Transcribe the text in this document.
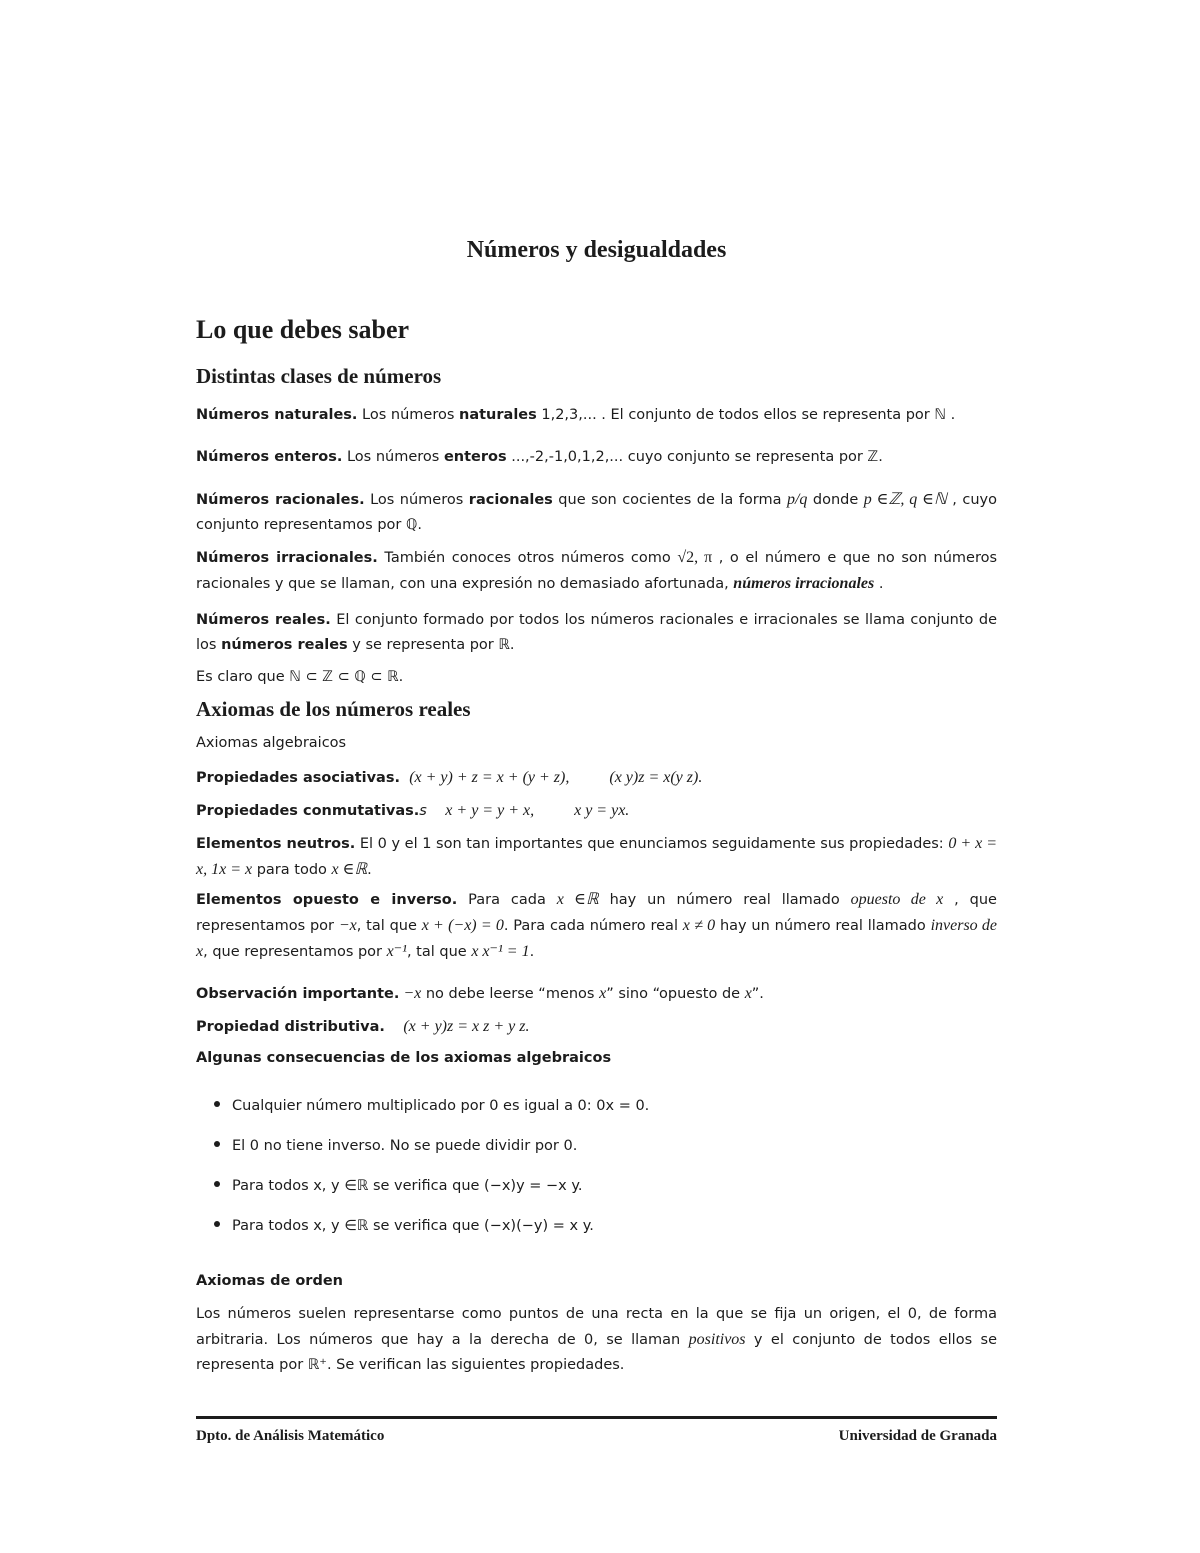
Números y desigualdades
Lo que debes saber
Distintas clases de números

Números naturales. Los números naturales 1,2,3,... . El conjunto de todos ellos se representa por ℕ .

Números enteros. Los números enteros ...,-2,-1,0,1,2,... cuyo conjunto se representa por ℤ.

Números racionales. Los números racionales que son cocientes de la forma p/q donde p ∈ℤ, q ∈ℕ , cuyo conjunto representamos por ℚ.

Números irracionales. También conoces otros números como √2, π , o el número e que no son números racionales y que se llaman, con una expresión no demasiado afortunada, números irracionales .

Números reales. El conjunto formado por todos los números racionales e irracionales se llama conjunto de los números reales y se representa por ℝ.

Es claro que ℕ ⊂ ℤ ⊂ ℚ ⊂ ℝ.

Axiomas de los números reales

Axiomas algebraicos

Propiedades asociativas. (x + y) + z = x + (y + z),	(x y)z = x(y z).

Propiedades conmutativas.s x + y = y + x,	x y = yx.

Elementos neutros. El 0 y el 1 son tan importantes que enunciamos seguidamente sus propiedades: 0 + x = x, 1x = x para todo x ∈ℝ.

Elementos opuesto e inverso. Para cada x ∈ℝ hay un número real llamado opuesto de x , que representamos por −x, tal que x + (−x) = 0. Para cada número real x ≠ 0 hay un número real llamado inverso de x, que representamos por x⁻¹, tal que x x⁻¹ = 1.

Observación importante. −x no debe leerse “menos x” sino “opuesto de x”.

Propiedad distributiva. (x + y)z = x z + y z.

Algunas consecuencias de los axiomas algebraicos

Cualquier número multiplicado por 0 es igual a 0: 0x = 0.
El 0 no tiene inverso. No se puede dividir por 0.
Para todos x, y ∈ℝ se verifica que (−x)y = −x y.
Para todos x, y ∈ℝ se verifica que (−x)(−y) = x y.

Axiomas de orden

Los números suelen representarse como puntos de una recta en la que se fija un origen, el 0, de forma arbitraria. Los números que hay a la derecha de 0, se llaman positivos y el conjunto de todos ellos se representa por ℝ⁺. Se verifican las siguientes propiedades.

Dpto. de Análisis Matemático	Universidad de Granada
